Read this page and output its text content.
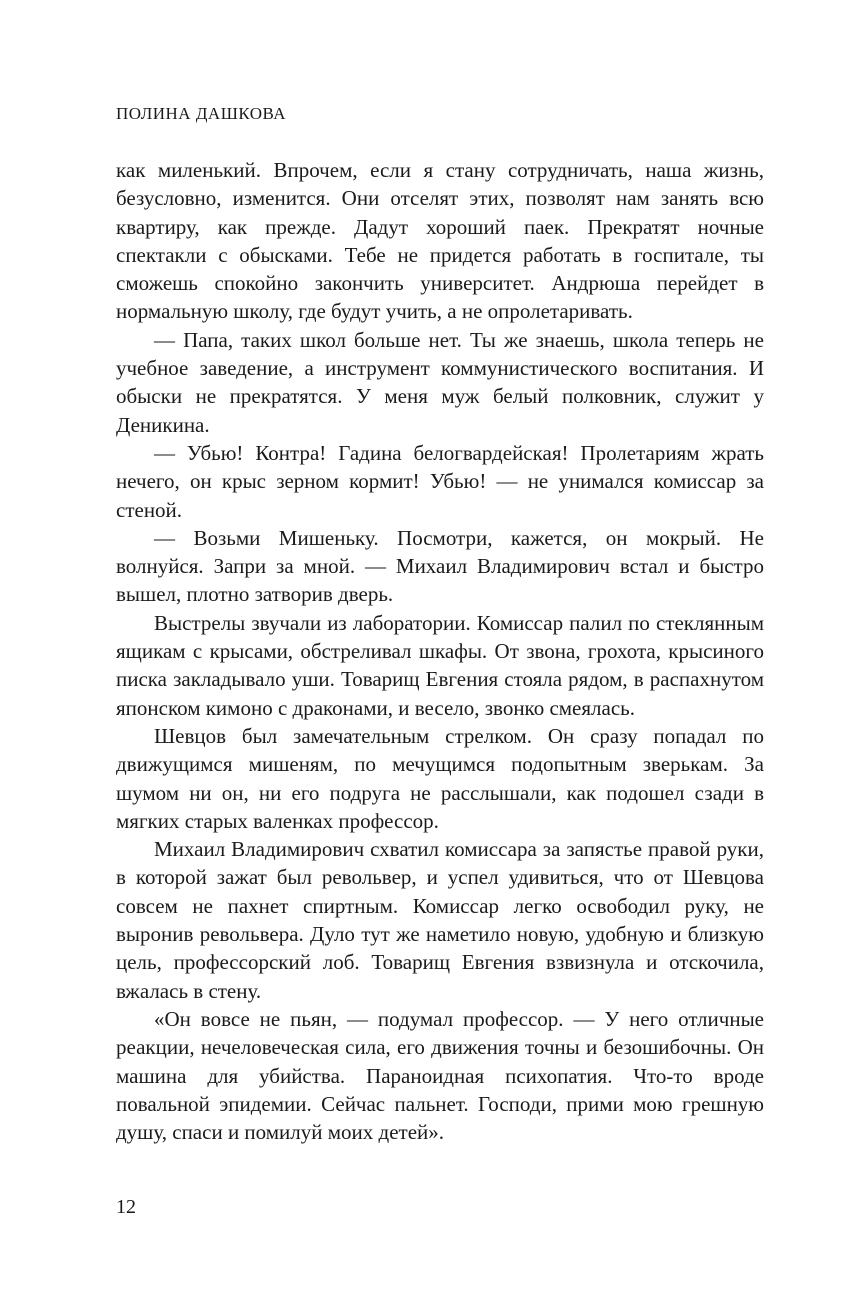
ПОЛИНА ДАШКОВА

как миленький. Впрочем, если я стану сотрудничать, наша жизнь, безусловно, изменится. Они отселят этих, позволят нам занять всю квартиру, как прежде. Дадут хороший паек. Прекратят ночные спектакли с обысками. Тебе не придется работать в госпитале, ты сможешь спокойно закончить университет. Андрюша перейдет в нормальную школу, где будут учить, а не опролетаривать.

— Папа, таких школ больше нет. Ты же знаешь, школа теперь не учебное заведение, а инструмент коммунистического воспитания. И обыски не прекратятся. У меня муж белый полковник, служит у Деникина.

— Убью! Контра! Гадина белогвардейская! Пролетариям жрать нечего, он крыс зерном кормит! Убью! — не унимался комиссар за стеной.

— Возьми Мишеньку. Посмотри, кажется, он мокрый. Не волнуйся. Запри за мной. — Михаил Владимирович встал и быстро вышел, плотно затворив дверь.

Выстрелы звучали из лаборатории. Комиссар палил по стеклянным ящикам с крысами, обстреливал шкафы. От звона, грохота, крысиного писка закладывало уши. Товарищ Евгения стояла рядом, в распахнутом японском кимоно с драконами, и весело, звонко смеялась.

Шевцов был замечательным стрелком. Он сразу попадал по движущимся мишеням, по мечущимся подопытным зверькам. За шумом ни он, ни его подруга не расслышали, как подошел сзади в мягких старых валенках профессор.

Михаил Владимирович схватил комиссара за запястье правой руки, в которой зажат был револьвер, и успел удивиться, что от Шевцова совсем не пахнет спиртным. Комиссар легко освободил руку, не выронив револьвера. Дуло тут же наметило новую, удобную и близкую цель, профессорский лоб. Товарищ Евгения взвизнула и отскочила, вжалась в стену.

«Он вовсе не пьян, — подумал профессор. — У него отличные реакции, нечеловеческая сила, его движения точны и безошибочны. Он машина для убийства. Параноидная психопатия. Что-то вроде повальной эпидемии. Сейчас пальнет. Господи, прими мою грешную душу, спаси и помилуй моих детей».

12
